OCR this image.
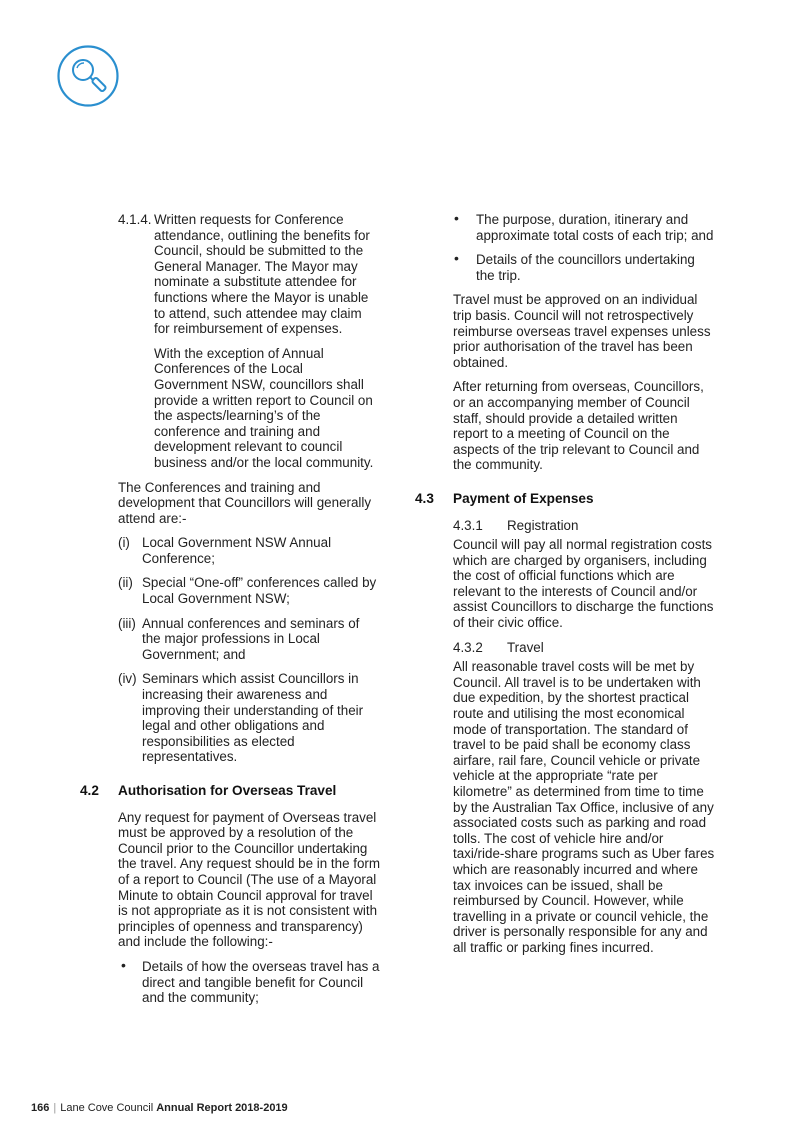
4.1.4. Written requests for Conference attendance, outlining the benefits for Council, should be submitted to the General Manager. The Mayor may nominate a substitute attendee for functions where the Mayor is unable to attend, such attendee may claim for reimbursement of expenses.

With the exception of Annual Conferences of the Local Government NSW, councillors shall provide a written report to Council on the aspects/learning’s of the conference and training and development relevant to council business and/or the local community.

The Conferences and training and development that Councillors will generally attend are:-

(i) Local Government NSW Annual Conference;
(ii) Special “One-off” conferences called by Local Government NSW;
(iii) Annual conferences and seminars of the major professions in Local Government; and
(iv) Seminars which assist Councillors in increasing their awareness and improving their understanding of their legal and other obligations and responsibilities as elected representatives.
4.2 Authorisation for Overseas Travel

Any request for payment of Overseas travel must be approved by a resolution of the Council prior to the Councillor undertaking the travel. Any request should be in the form of a report to Council (The use of a Mayoral Minute to obtain Council approval for travel is not appropriate as it is not consistent with principles of openness and transparency) and include the following:-

• Details of how the overseas travel has a direct and tangible benefit for Council and the community;
• The purpose, duration, itinerary and approximate total costs of each trip; and
• Details of the councillors undertaking the trip.

Travel must be approved on an individual trip basis. Council will not retrospectively reimburse overseas travel expenses unless prior authorisation of the travel has been obtained.

After returning from overseas, Councillors, or an accompanying member of Council staff, should provide a detailed written report to a meeting of Council on the aspects of the trip relevant to Council and the community.

4.3 Payment of Expenses
4.3.1 Registration

Council will pay all normal registration costs which are charged by organisers, including the cost of official functions which are relevant to the interests of Council and/or assist Councillors to discharge the functions of their civic office.

4.3.2 Travel

All reasonable travel costs will be met by Council. All travel is to be undertaken with due expedition, by the shortest practical route and utilising the most economical mode of transportation. The standard of travel to be paid shall be economy class airfare, rail fare, Council vehicle or private vehicle at the appropriate “rate per kilometre” as determined from time to time by the Australian Tax Office, inclusive of any associated costs such as parking and road tolls. The cost of vehicle hire and/or taxi/ride-share programs such as Uber fares which are reasonably incurred and where tax invoices can be issued, shall be reimbursed by Council. However, while travelling in a private or council vehicle, the driver is personally responsible for any and all traffic or parking fines incurred.

166 | Lane Cove Council Annual Report 2018-2019
